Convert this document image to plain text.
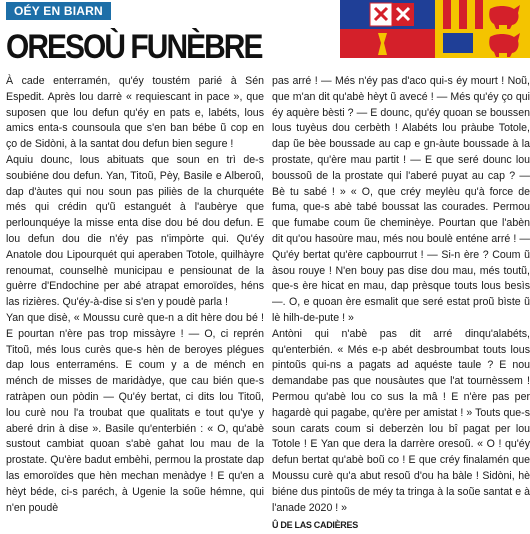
OÉY EN BIARN
ORESOÙ FUNÈBRE

À cade enterramén, qu'éy toustém parié à Sén Espedit. Après lou darrè « requiescant in pace », que suposen que lou defun qu'éy en pats e, labéts, lous amics enta-s counsoula que s'en ban bébe ũ cop en ço de Sidòni, à la santat dou defun bien segure !

Aquiu dounc, lous abituats que soun en trì de-s soubiéne dou defun. Yan, Titoũ, Pèy, Basile e Alberoũ, dap d'àutes qui nou soun pas piliès de la churquéte més qui crédin qu'ũ estanguét à l'aubèrye que perlounquéye la misse enta dise dou bé dou defun. E lou defun dou die n'éy pas n'impòrte qui. Qu'éy Anatole dou Lipourquét qui aperaben Totole, quilhàyre renoumat, counselhè municipau e pensiounat de la guèrre d'Endochine per abé atrapat emoroïdes, héns las rizières. Qu'éy-à-dise si s'en y poudè parla !

Yan que disè, « Moussu curè que-n a dit hère dou bé ! E pourtan n'ère pas trop missàyre ! — O, ci reprén Titoũ, més lous curès que-s hèn de beroyes plégues dap lous enterraméns. E coum y a de ménch en ménch de misses de maridàdye, que cau bién que-s ratràpen oun pòdin — Qu'éy bertat, ci dits lou Titoũ, lou curè nou l'a troubat que qualitats e tout qu'ye y aberé drin à dise ». Basile qu'enterbién : « O, qu'abè sustout cambiat quoan s'abè gahat lou mau de la prostate. Qu'ère badut embèhi, permou la prostate dap las emoroïdes que hèn mechan menàdye ! E qu'en a hèyt béde, ci-s paréch, à Ugenie la soũe hémne, qui n'en poudè

pas arré ! — Més n'éy pas d'aco qui-s éy mourt ! Noũ, que m'an dit qu'abè hèyt ũ avecé ! — Més qu'éy ço qui éy aquère bèsti ? — E dounc, qu'éy quoan se boussen lous tuyèus dou cerbèth ! Alabéts lou pràube Totole, dap ũe bèe boussade au cap e gn-àute boussade à la prostate, qu'ère mau partit ! — E que seré dounc lou boussoũ de la prostate qui l'aberé puyat au cap ? — Bè tu sabé ! » « O, que créy meylèu qu'à force de fuma, que-s abè tabé boussat las courades. Permou que fumabe coum ũe cheminèye. Pourtan que l'abèn dit qu'ou hasoùre mau, més nou boulè enténe arré ! — Qu'éy bertat qu'ère capbourrut ! — Si-n ère ? Coum ũ àsou rouye ! N'en bouy pas dise dou mau, més toutũ, que-s ère hicat en mau, dap prèsque touts lous besìs —. O, e quoan ère esmalit que seré estat proũ bìste ũ lè hilh-de-pute ! »

Antòni qui n'abè pas dit arré dinqu'alabéts, qu'enterbién. « Més e-p abét desbroumbat touts lous pintoũs qui-ns a pagats ad aquéste taule ? E nou demandabe pas que nousàutes que l'at tournèssem ! Permou qu'abè lou co sus la mâ ! E n'ère pas per hagardè qui pagabe, qu'ère per amistat ! » Touts que-s soun carats coum si deberzèn lou bî pagat per lou Totole ! E Yan que dera la darrère oresoũ. « O ! qu'éy defun bertat qu'abè boũ co ! E que créy finalamén que Moussu curè qu'a abut resoũ d'ou ha bàle ! Sidòni, hè biéne dus pintoũs de méy ta tringa à la soũe santat e à l'anade 2020 ! »

Û DE LAS CADIÈRES
